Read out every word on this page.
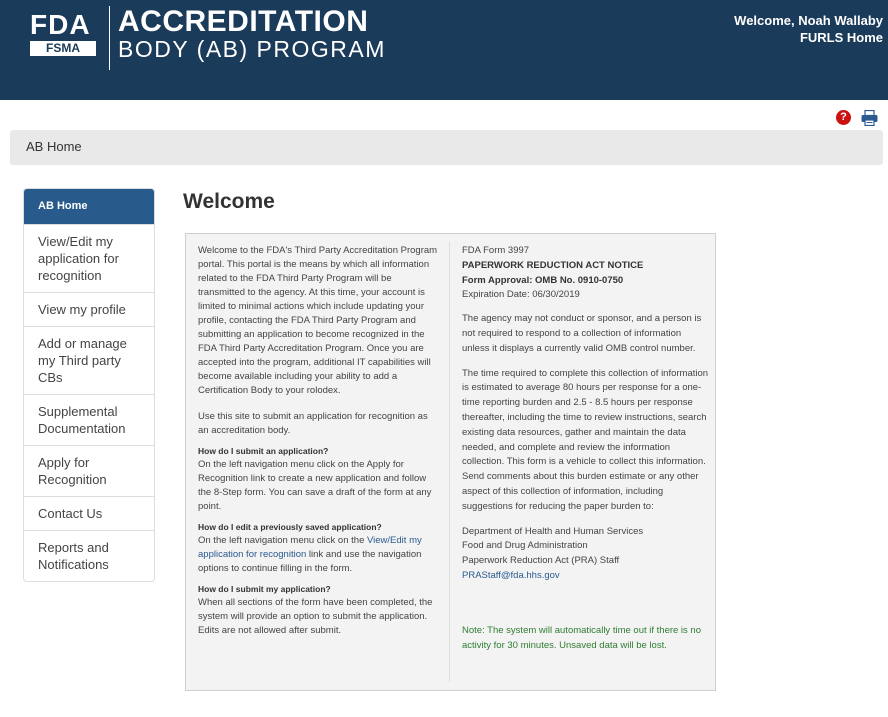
FDA
FSMA
ACCREDITATION
BODY (AB) PROGRAM
Welcome, Noah Wallaby
FURLS Home
?
AB Home
AB Home
View/Edit my application for recognition
View my profile
Add or manage my Third party CBs
Supplemental Documentation
Apply for Recognition
Contact Us
Reports and Notifications
Welcome
Welcome to the FDA's Third Party Accreditation Program portal. This portal is the means by which all information related to the FDA Third Party Program will be transmitted to the agency. At this time, your account is limited to minimal actions which include updating your profile, contacting the FDA Third Party Program and submitting an application to become recognized in the FDA Third Party Accreditation Program. Once you are accepted into the program, additional IT capabilities will become available including your ability to add a Certification Body to your rolodex.
Use this site to submit an application for recognition as an accreditation body.
How do I submit an application?
On the left navigation menu click on the Apply for Recognition link to create a new application and follow the 8-Step form. You can save a draft of the form at any point.
How do I edit a previously saved application?
On the left navigation menu click on the View/Edit my application for recognition link and use the navigation options to continue filling in the form.
How do I submit my application?
When all sections of the form have been completed, the system will provide an option to submit the application. Edits are not allowed after submit.
FDA Form 3997
PAPERWORK REDUCTION ACT NOTICE
Form Approval: OMB No. 0910-0750
Expiration Date: 06/30/2019
The agency may not conduct or sponsor, and a person is not required to respond to a collection of information unless it displays a currently valid OMB control number.
The time required to complete this collection of information is estimated to average 80 hours per response for a one-time reporting burden and 2.5 - 8.5 hours per response thereafter, including the time to review instructions, search existing data resources, gather and maintain the data needed, and complete and review the information collection. This form is a vehicle to collect this information. Send comments about this burden estimate or any other aspect of this collection of information, including suggestions for reducing the paper burden to:
Department of Health and Human Services
Food and Drug Administration
Paperwork Reduction Act (PRA) Staff
PRAStaff@fda.hhs.gov
Note: The system will automatically time out if there is no activity for 30 minutes. Unsaved data will be lost.
